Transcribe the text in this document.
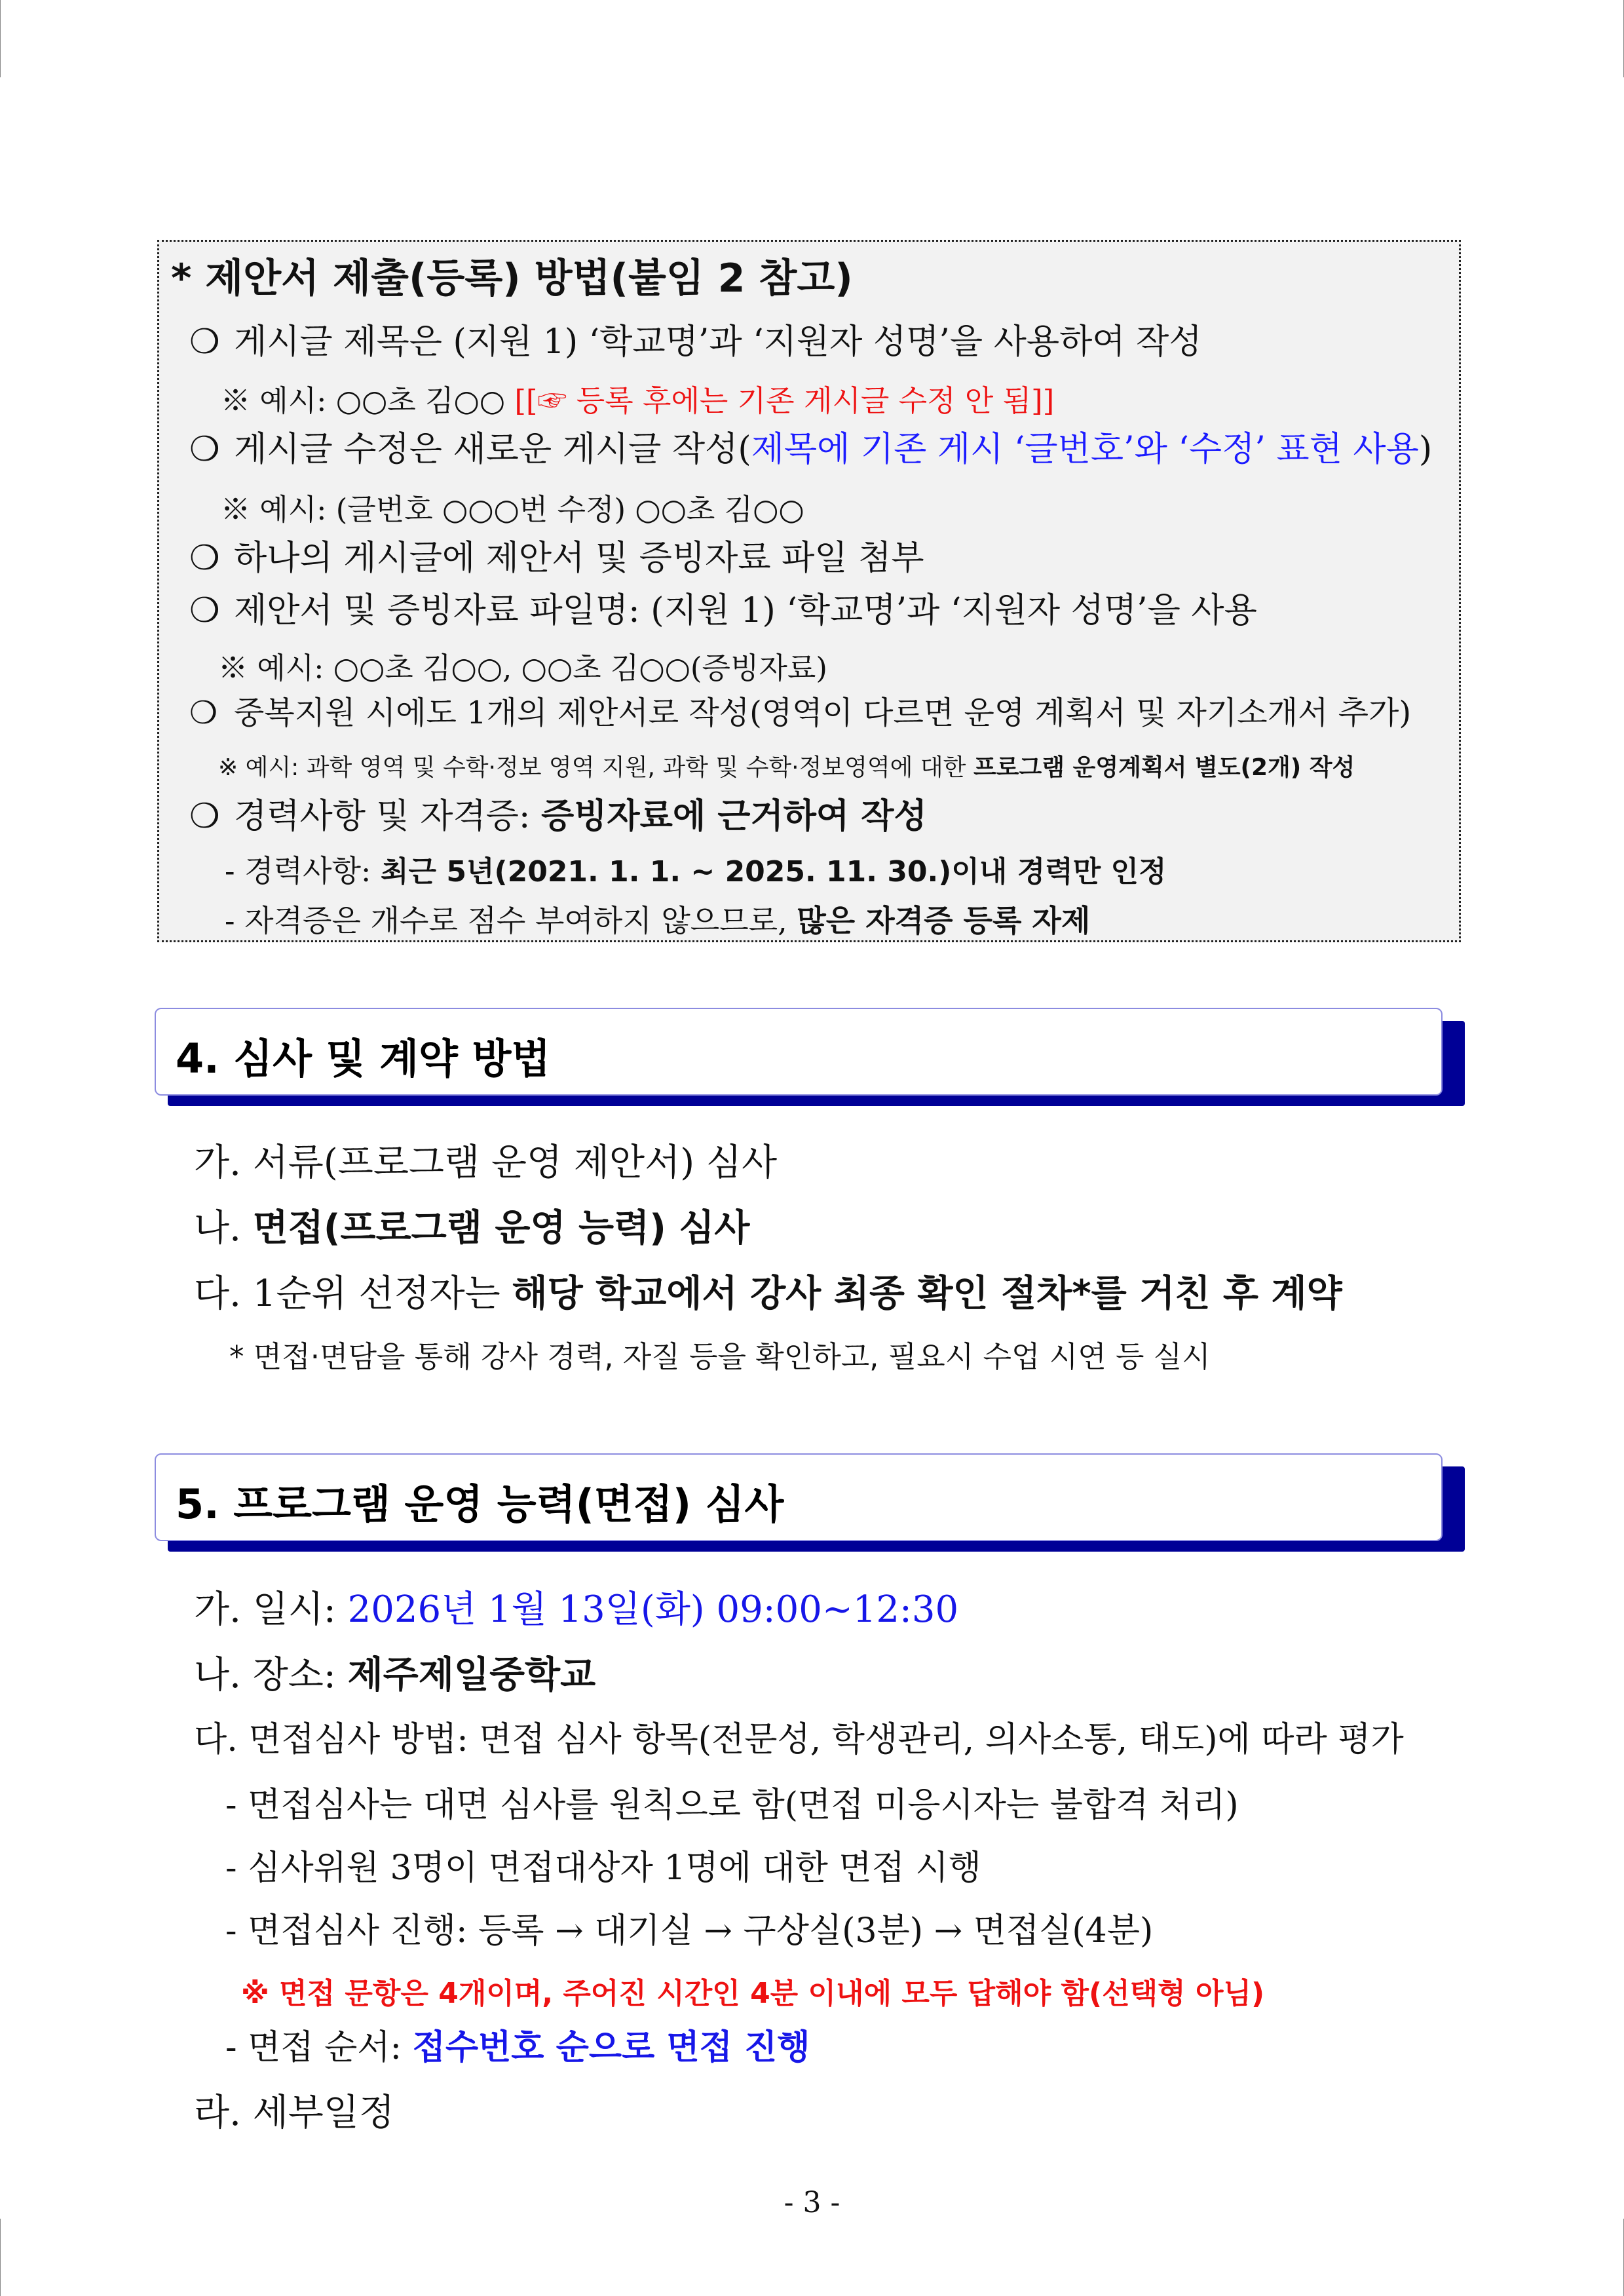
* 제안서 제출(등록) 방법(붙임 2 참고)
❍ 게시글 제목은 (지원 1) ‘학교명’과 ‘지원자 성명’을 사용하여 작성
※ 예시: ○○초 김○○ [[☞ 등록 후에는 기존 게시글 수정 안 됨]]
❍ 게시글 수정은 새로운 게시글 작성(제목에 기존 게시 ‘글번호’와 ‘수정’ 표현 사용)
※ 예시: (글번호 ○○○번 수정) ○○초 김○○
❍ 하나의 게시글에 제안서 및 증빙자료 파일 첨부
❍ 제안서 및 증빙자료 파일명: (지원 1) ‘학교명’과 ‘지원자 성명’을 사용
※ 예시: ○○초 김○○, ○○초 김○○(증빙자료)
❍ 중복지원 시에도 1개의 제안서로 작성(영역이 다르면 운영 계획서 및 자기소개서 추가)
※ 예시: 과학 영역 및 수학·정보 영역 지원, 과학 및 수학·정보영역에 대한 프로그램 운영계획서 별도(2개) 작성
❍ 경력사항 및 자격증: 증빙자료에 근거하여 작성
- 경력사항: 최근 5년(2021. 1. 1. ~ 2025. 11. 30.)이내 경력만 인정
- 자격증은 개수로 점수 부여하지 않으므로, 많은 자격증 등록 자제
4. 심사 및 계약 방법
가. 서류(프로그램 운영 제안서) 심사
나. 면접(프로그램 운영 능력) 심사
다. 1순위 선정자는 해당 학교에서 강사 최종 확인 절차*를 거친 후 계약
* 면접·면담을 통해 강사 경력, 자질 등을 확인하고, 필요시 수업 시연 등 실시
5. 프로그램 운영 능력(면접) 심사
가. 일시: 2026년 1월 13일(화) 09:00~12:30
나. 장소: 제주제일중학교
다. 면접심사 방법: 면접 심사 항목(전문성, 학생관리, 의사소통, 태도)에 따라 평가
- 면접심사는 대면 심사를 원칙으로 함(면접 미응시자는 불합격 처리)
- 심사위원 3명이 면접대상자 1명에 대한 면접 시행
- 면접심사 진행: 등록 → 대기실 → 구상실(3분) → 면접실(4분)
※ 면접 문항은 4개이며, 주어진 시간인 4분 이내에 모두 답해야 함(선택형 아님)
- 면접 순서: 접수번호 순으로 면접 진행
라. 세부일정
- 3 -
